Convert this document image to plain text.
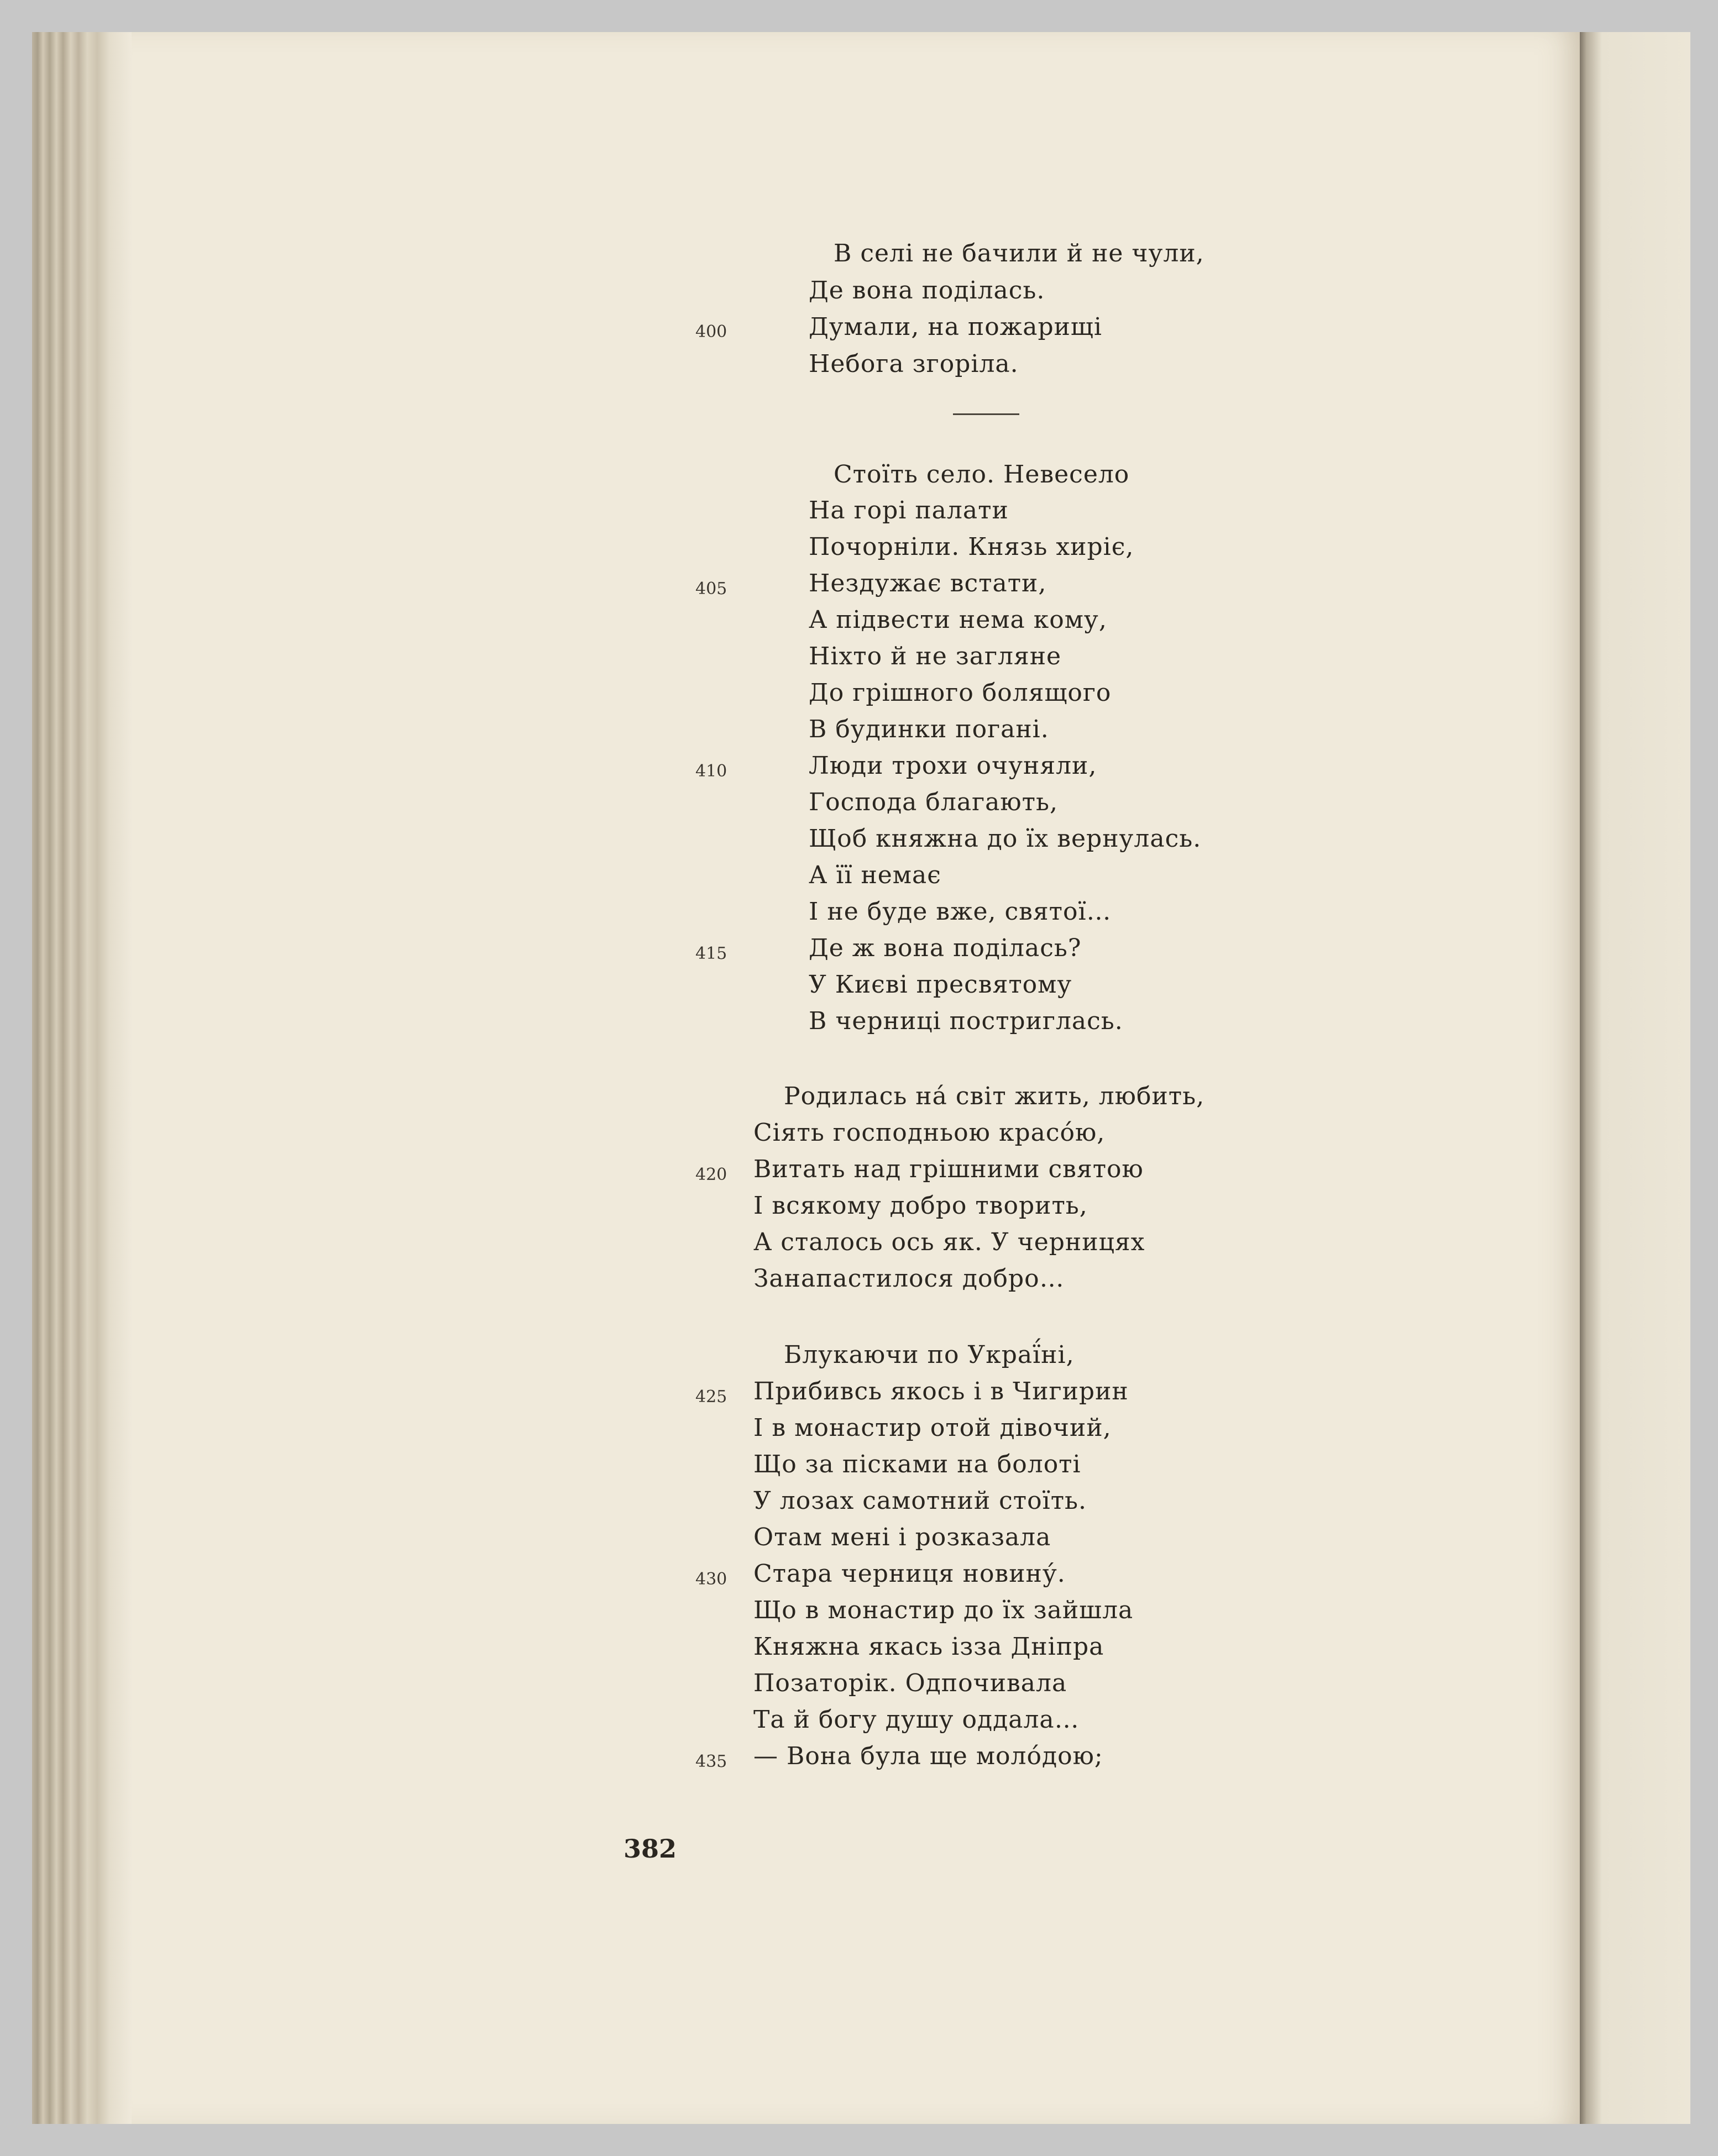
В селі не бачили й не чули,
Де вона поділась.
400	Думали, на пожарищі
Небога згоріла.
Стоїть село. Невесело
На горі палати
Почорніли. Князь хиріє,
405	Нездужає встати,
А підвести нема кому,
Ніхто й не загляне
До грішного болящого
В будинки погані.
410	Люди трохи очуняли,
Господа благають,
Щоб княжна до їх вернулась.
А її немає
І не буде вже, святої…
415	Де ж вона поділась?
У Києві пресвятому
В черниці постриглась.
Родилась нá світ жить, любить,
Сіять господньою красóю,
420	Витать над грішними святою
І всякому добро творить,
А сталось ось як. У черницях
Занапастилося добро…
Блукаючи по Украї́ні,
425	Прибивсь якось і в Чигирин
І в монастир отой дівочий,
Що за пісками на болоті
У лозах самотний стоїть.
Отам мені і розказала
430	Стара черниця новину́.
Що в монастир до їх зайшла
Княжна якась ізза Дніпра
Позаторік. Одпочивала
Та й богу душу оддала…
435	— Вона була ще молóдою;
382
